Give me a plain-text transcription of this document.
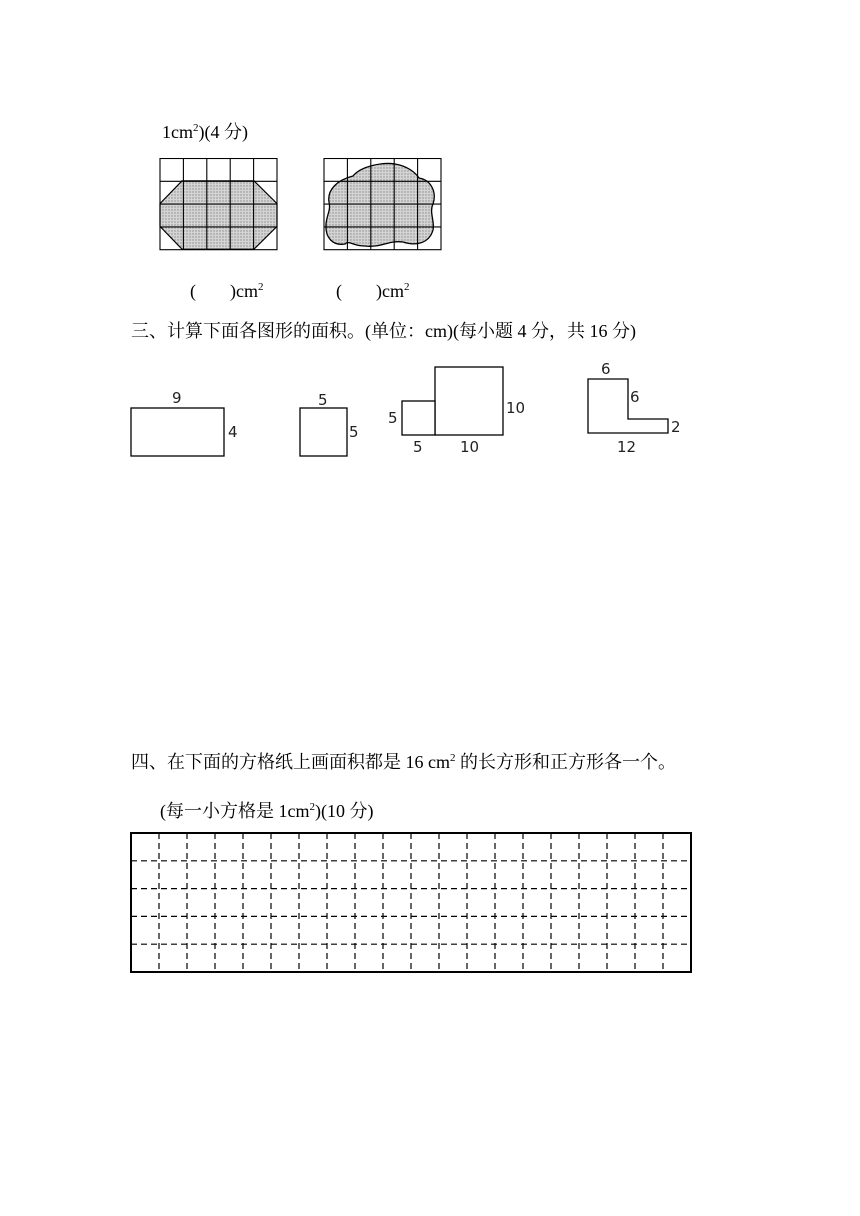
$1cm^2)(4$ 分)
( )$cm^2$	( )$cm^2$
三、计算下面各图形的面积。(单位：cm)(每小题 4 分，共 16 分)
9
4
5
5
5
5 10
10
6
6
2
12
四、在下面的方格纸上画面积都是 16 $cm^2$ 的长方形和正方形各一个。
(每一小方格是 $1cm^2)(10$ 分)
